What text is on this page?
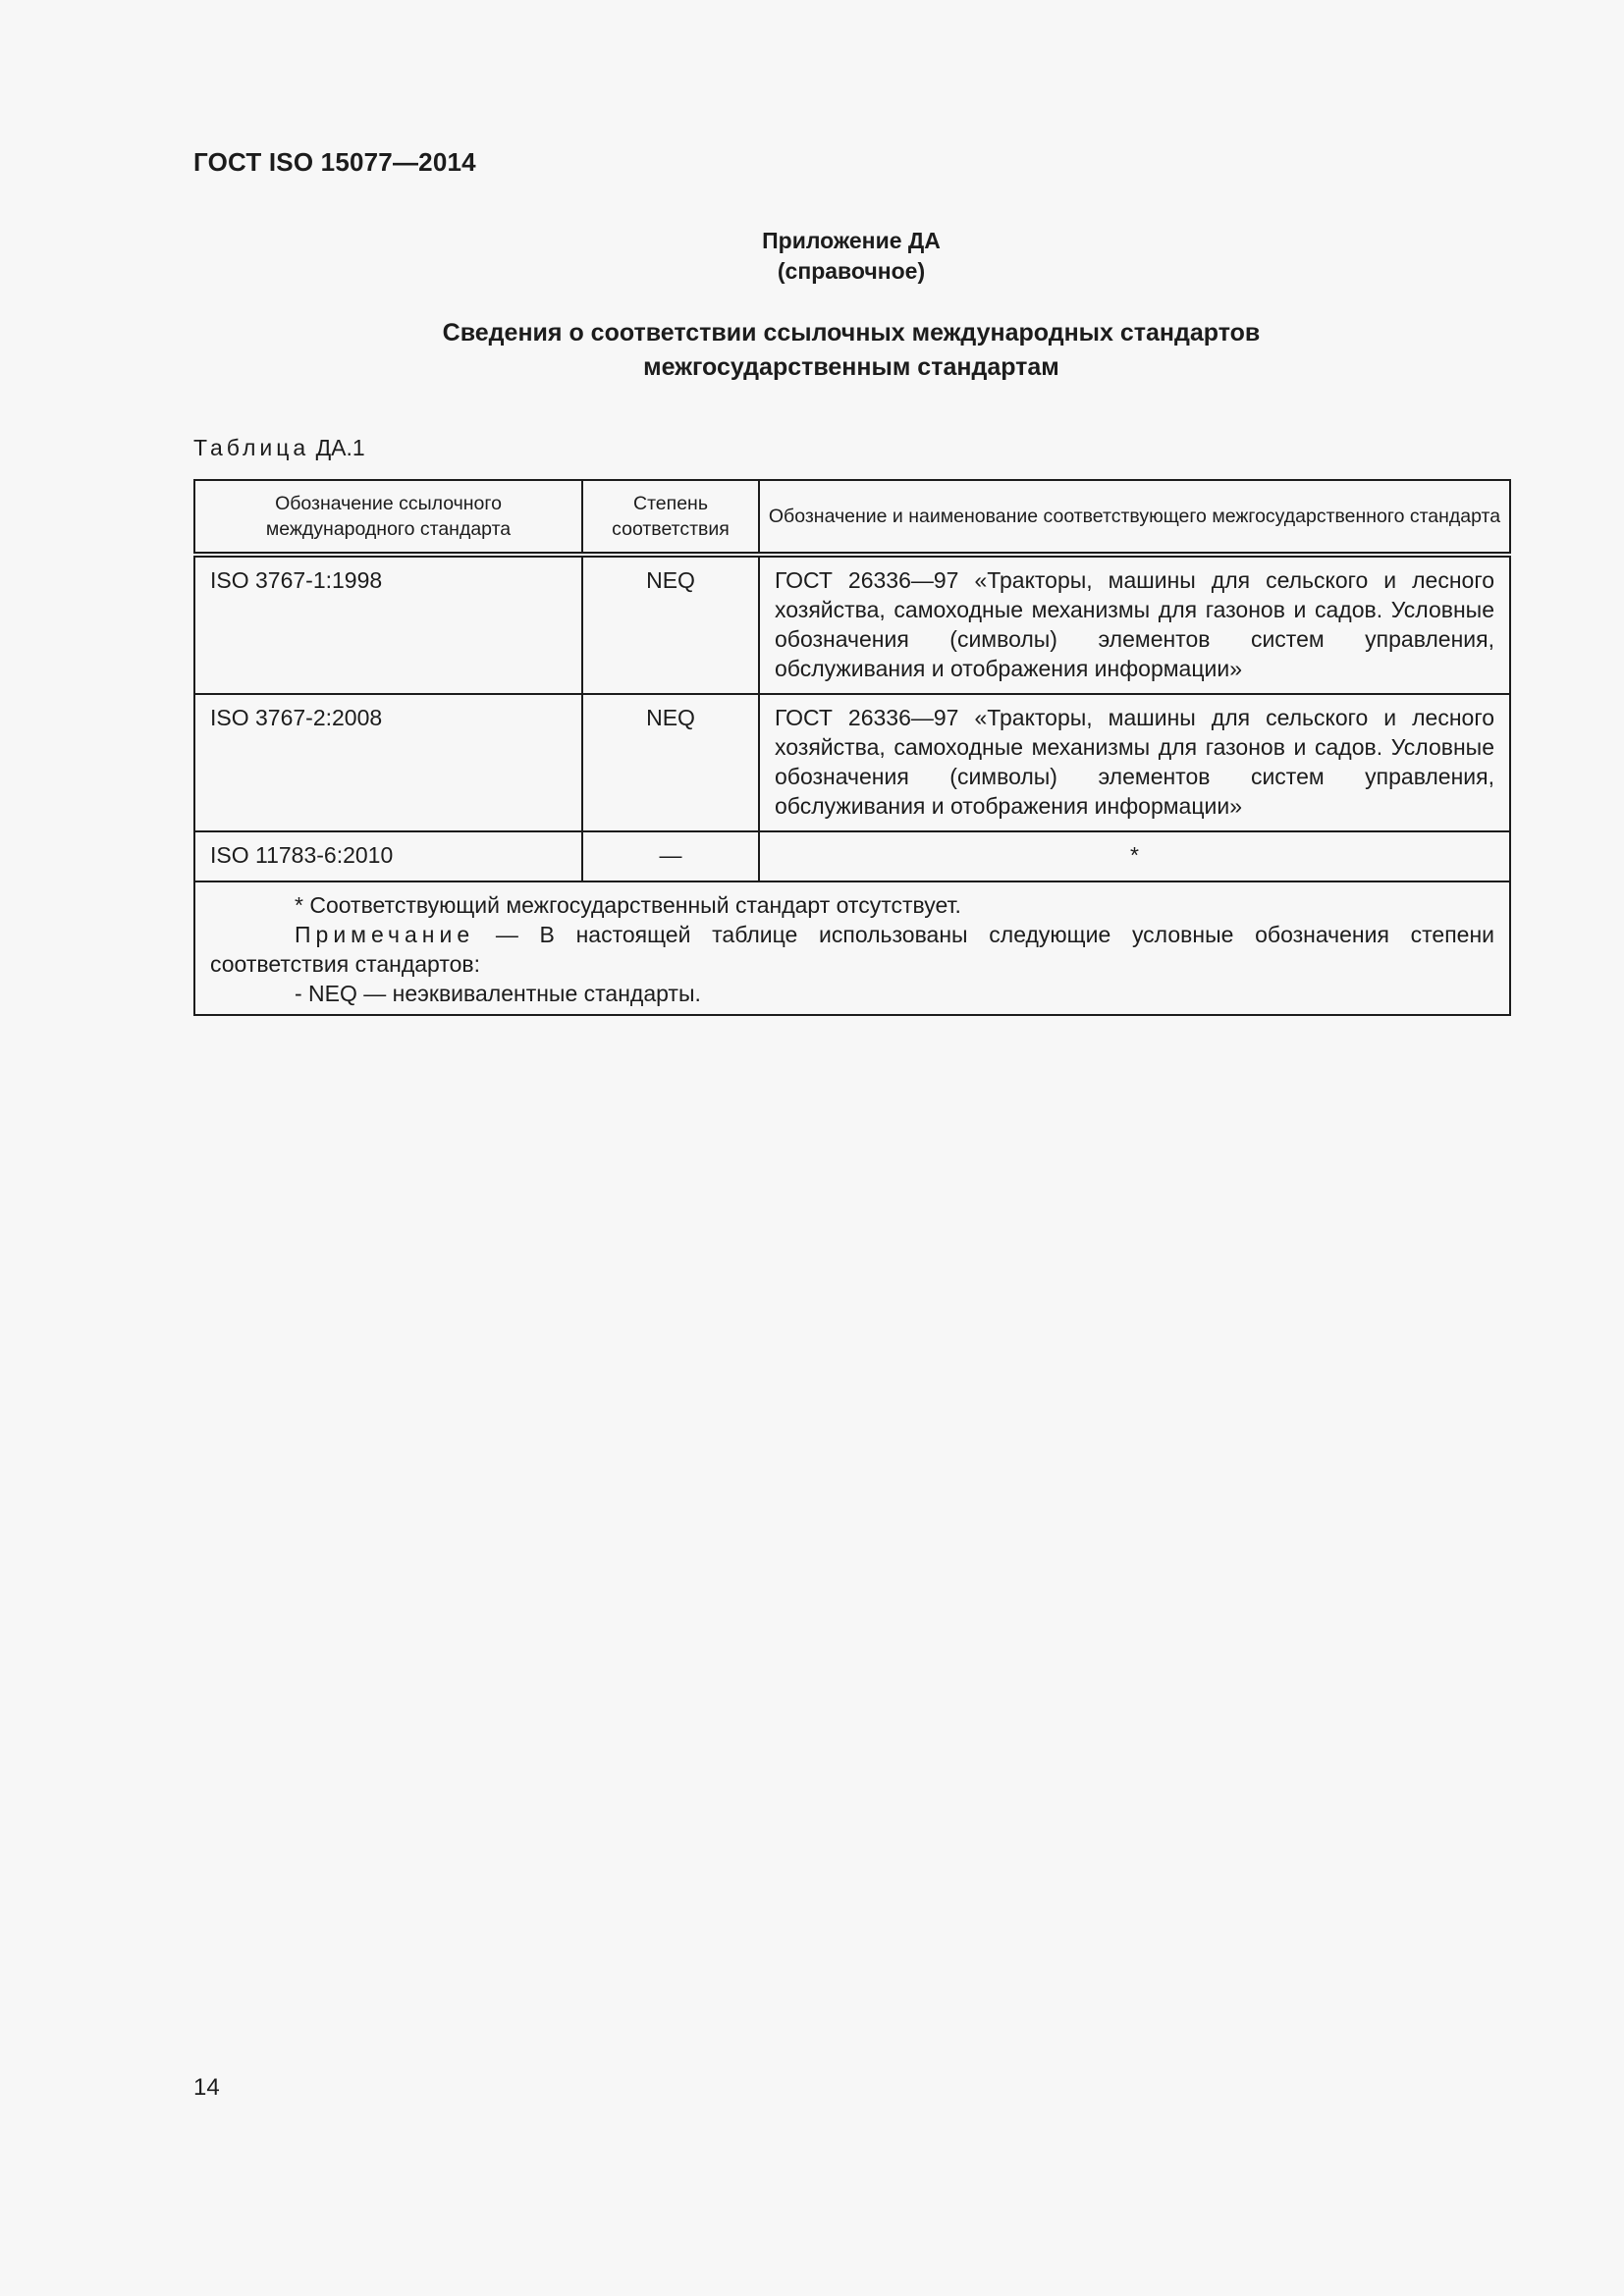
ГОСТ ISO 15077—2014
Приложение ДА
(справочное)
Сведения о соответствии ссылочных международных стандартов
межгосударственным стандартам
Таблица ДА.1
Обозначение ссылочного международного стандарта	Степень соответствия	Обозначение и наименование соответствующего межгосударственного стандарта
ISO 3767-1:1998	NEQ	ГОСТ 26336—97 «Тракторы, машины для сельского и лесного хозяйства, самоходные механизмы для газонов и садов. Условные обозначения (символы) элементов систем управления, обслуживания и отображения информации»
ISO 3767-2:2008	NEQ	ГОСТ 26336—97 «Тракторы, машины для сельского и лесного хозяйства, самоходные механизмы для газонов и садов. Условные обозначения (символы) элементов систем управления, обслуживания и отображения информации»
ISO 11783-6:2010	—	*

* Соответствующий межгосударственный стандарт отсутствует.

Примечание — В настоящей таблице использованы следующие условные обозначения степени соответствия стандартов:

- NEQ — неэквивалентные стандарты.		

14
